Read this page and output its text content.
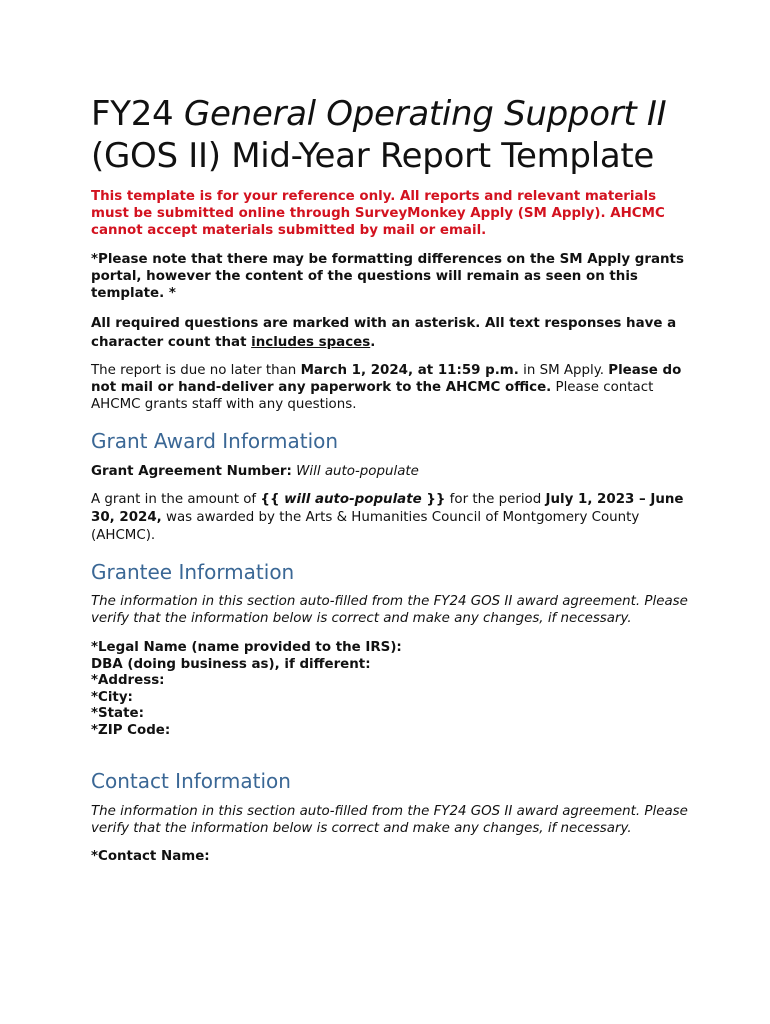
FY24 General Operating Support II
(GOS II) Mid-Year Report Template

This template is for your reference only. All reports and relevant materials must be submitted online through SurveyMonkey Apply (SM Apply). AHCMC cannot accept materials submitted by mail or email.

*Please note that there may be formatting differences on the SM Apply grants portal, however the content of the questions will remain as seen on this template. *

All required questions are marked with an asterisk. All text responses have a character count that includes spaces.

The report is due no later than March 1, 2024, at 11:59 p.m. in SM Apply. Please do not mail or hand-deliver any paperwork to the AHCMC office. Please contact AHCMC grants staff with any questions.

Grant Award Information

Grant Agreement Number: Will auto-populate

A grant in the amount of {{ will auto-populate }} for the period July 1, 2023 – June 30, 2024, was awarded by the Arts & Humanities Council of Montgomery County (AHCMC).

Grantee Information

The information in this section auto-filled from the FY24 GOS II award agreement. Please verify that the information below is correct and make any changes, if necessary.

*Legal Name (name provided to the IRS):

DBA (doing business as), if different:

*Address:

*City:

*State:

*ZIP Code:

Contact Information

The information in this section auto-filled from the FY24 GOS II award agreement. Please verify that the information below is correct and make any changes, if necessary.

*Contact Name:
